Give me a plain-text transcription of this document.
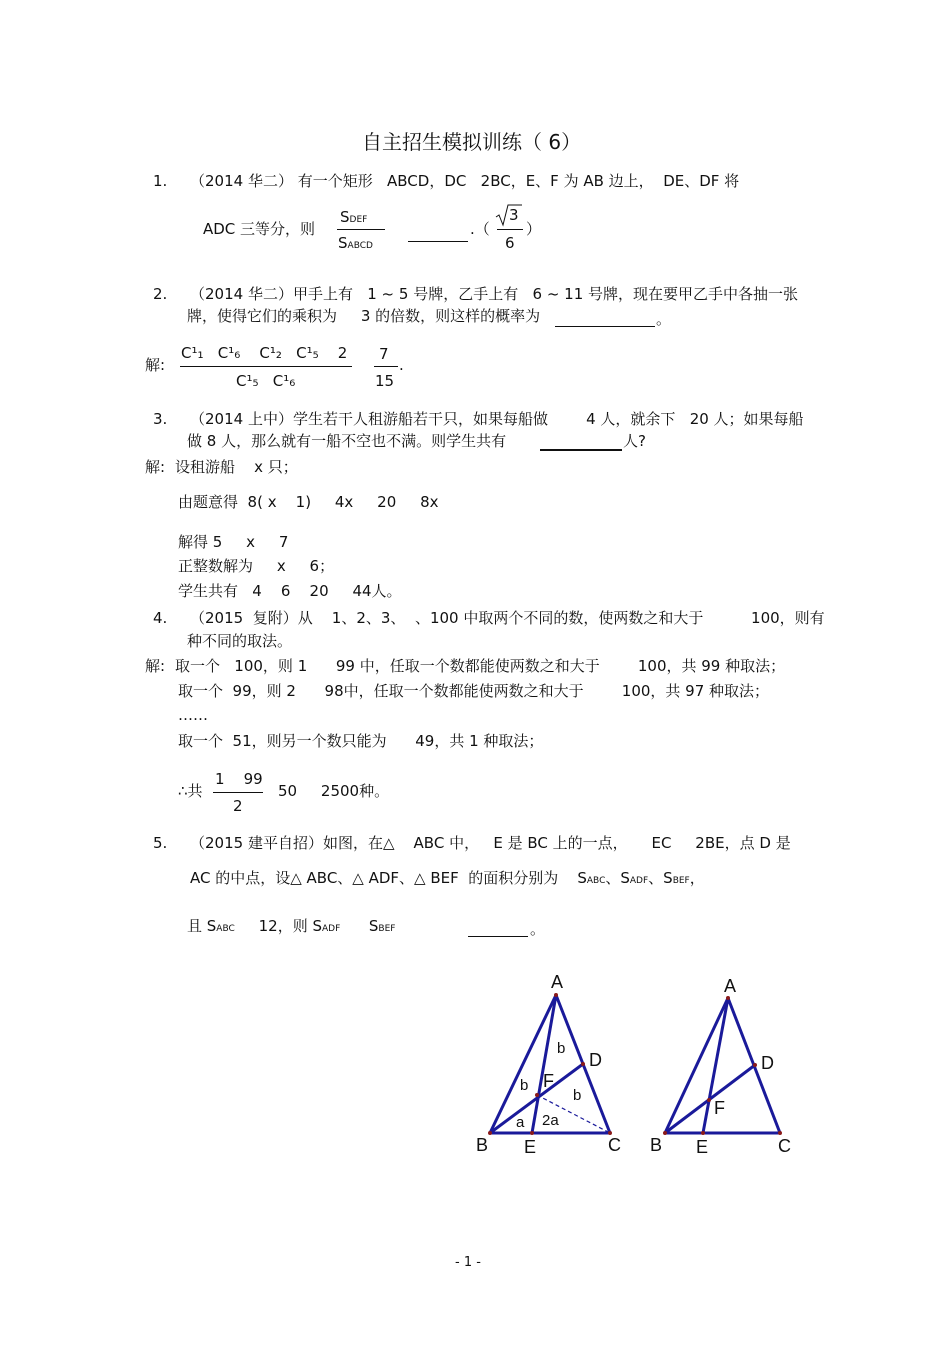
自主招生模拟训练（ 6）
1. （2014 华二） 有一个矩形   ABCD，DC   2BC，E、F 为 AB 边上，  DE、DF 将
ADC 三等分，则
SDEF
SABCD
.（
3
6
）
2. （2014 华二）甲手上有   1 ~ 5 号牌，乙手上有   6 ~ 11 号牌，现在要甲乙手中各抽一张
牌，使得它们的乘积为     3 的倍数，则这样的概率为	。
解:
C¹₁   C¹₆    C¹₂   C¹₅    2
C¹₅   C¹₆
7
15
.
3. （2014 上中）学生若干人租游船若干只，如果每船做        4 人，就余下   20 人；如果每船
做 8 人，那么就有一船不空也不满。则学生共有	人?
解: 设租游船    x 只；
由题意得  8( x    1)     4x     20     8x
解得 5     x     7
正整数解为     x     6；
学生共有   4    6    20     44人。
4. （2015  复附）从    1、2、3、  、100 中取两个不同的数，使两数之和大于          100，则有
种不同的取法。
解: 取一个   100，则 1      99 中，任取一个数都能使两数之和大于        100，共 99 种取法；
取一个  99，则 2      98中，任取一个数都能使两数之和大于        100，共 97 种取法；
……
取一个  51，则另一个数只能为      49，共 1 种取法；
∴共
1    99
2
50     2500种。
5. （2015 建平自招）如图，在△    ABC 中，   E 是 BC 上的一点，     EC     2BE，点 D 是
AC 的中点，设△ ABC、△ ADF、△ BEF  的面积分别为    SABC、SADF、SBEF，
且 SABC     12，则 SADF      SBEF	。
A
B	C
D
E
F
b
b
b
a 2a
A
B	C
D
E
F
- 1 -
